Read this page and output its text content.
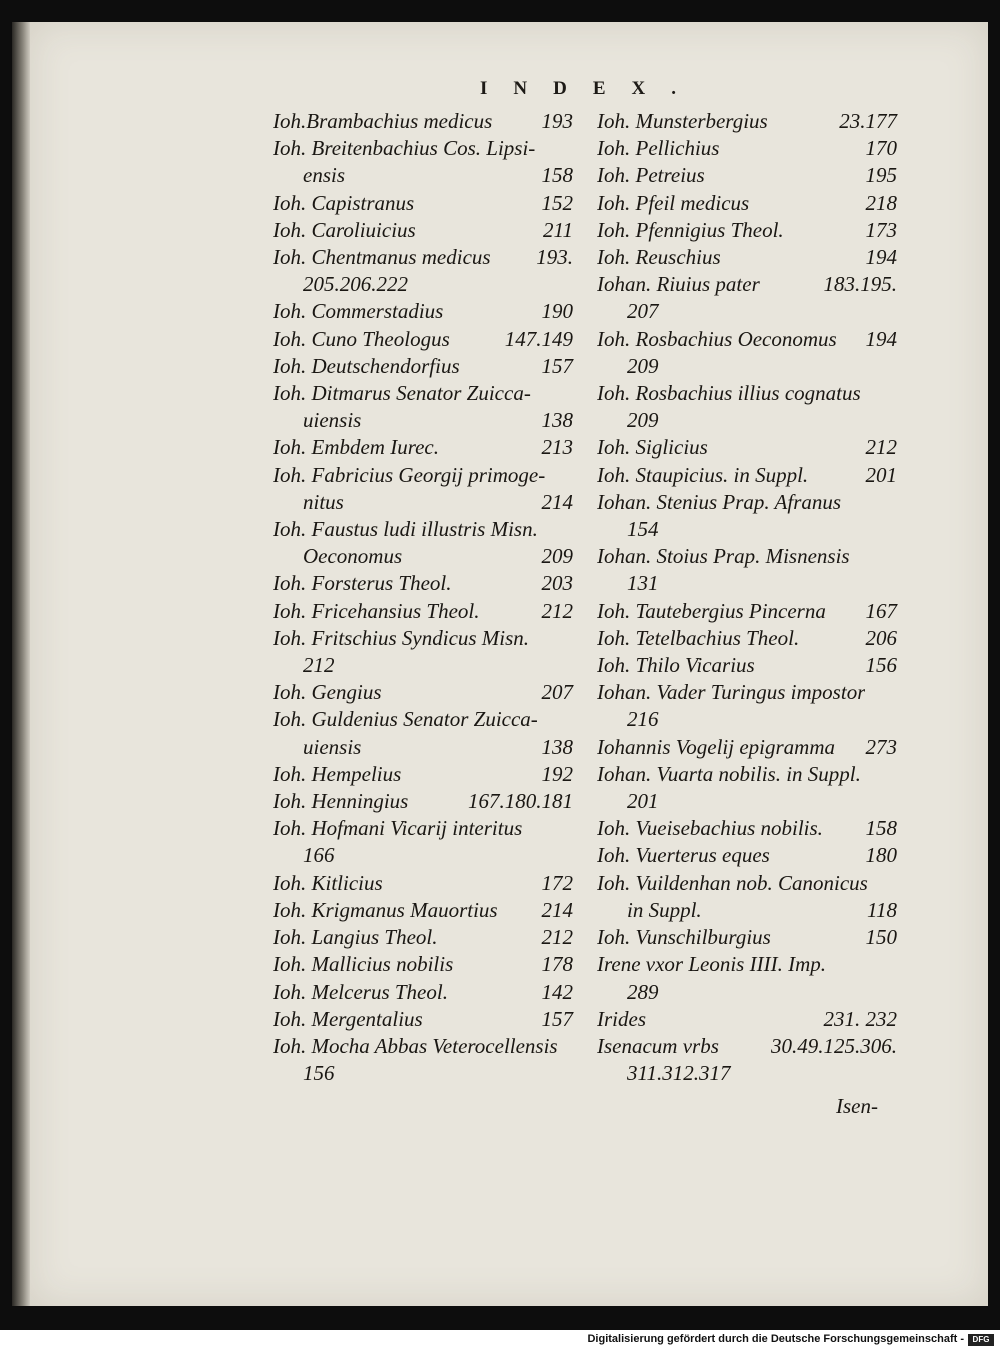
INDEX.
Ioh.Brambachius medicus 193
Ioh. Breitenbachius Cos. Lipsi-
ensis	158
Ioh. Capistranus	152
Ioh. Caroliuicius	211
Ioh. Chentmanus medicus 193.
205.206.222
Ioh. Commerstadius	190
Ioh. Cuno Theologus	147.149
Ioh. Deutschendorfius	157
Ioh. Ditmarus Senator Zuicca-
uiensis	138
Ioh. Embdem Iurec.	213
Ioh. Fabricius Georgij primoge-
nitus	214
Ioh. Faustus ludi illustris Misn.
Oeconomus	209
Ioh. Forsterus Theol.	203
Ioh. Fricehansius Theol.	212
Ioh. Fritschius Syndicus Misn.
212
Ioh. Gengius	207
Ioh. Guldenius Senator Zuicca-
uiensis	138
Ioh. Hempelius	192
Ioh. Henningius	167.180.181
Ioh. Hofmani Vicarij interitus
166
Ioh. Kitlicius	172
Ioh. Krigmanus Mauortius 214
Ioh. Langius Theol.	212
Ioh. Mallicius nobilis	178
Ioh. Melcerus Theol.	142
Ioh. Mergentalius	157
Ioh. Mocha Abbas Veterocellensis
156
Ioh. Munsterbergius	23.177
Ioh. Pellichius	170
Ioh. Petreius	195
Ioh. Pfeil medicus	218
Ioh. Pfennigius Theol.	173
Ioh. Reuschius	194
Iohan. Riuius pater	183.195.
207
Ioh. Rosbachius Oeconomus 194
209
Ioh. Rosbachius illius cognatus
209
Ioh. Siglicius	212
Ioh. Staupicius. in Suppl.	201
Iohan. Stenius Prap. Afranus
154
Iohan. Stoius Prap. Misnensis
131
Ioh. Tautebergius Pincerna 167
Ioh. Tetelbachius Theol.	206
Ioh. Thilo Vicarius	156
Iohan. Vader Turingus impostor
216
Iohannis Vogelij epigramma 273
Iohan. Vuarta nobilis. in Suppl.
201
Ioh. Vueisebachius nobilis. 158
Ioh. Vuerterus eques	180
Ioh. Vuildenhan nob. Canonicus
in Suppl.	118
Ioh. Vunschilburgius	150
Irene vxor Leonis IIII. Imp.
289
Irides	231. 232
Isenacum vrbs 30.49.125.306.
311.312.317
Isen-
Digitalisierung gefördert durch die Deutsche Forschungsgemeinschaft -	DFG
